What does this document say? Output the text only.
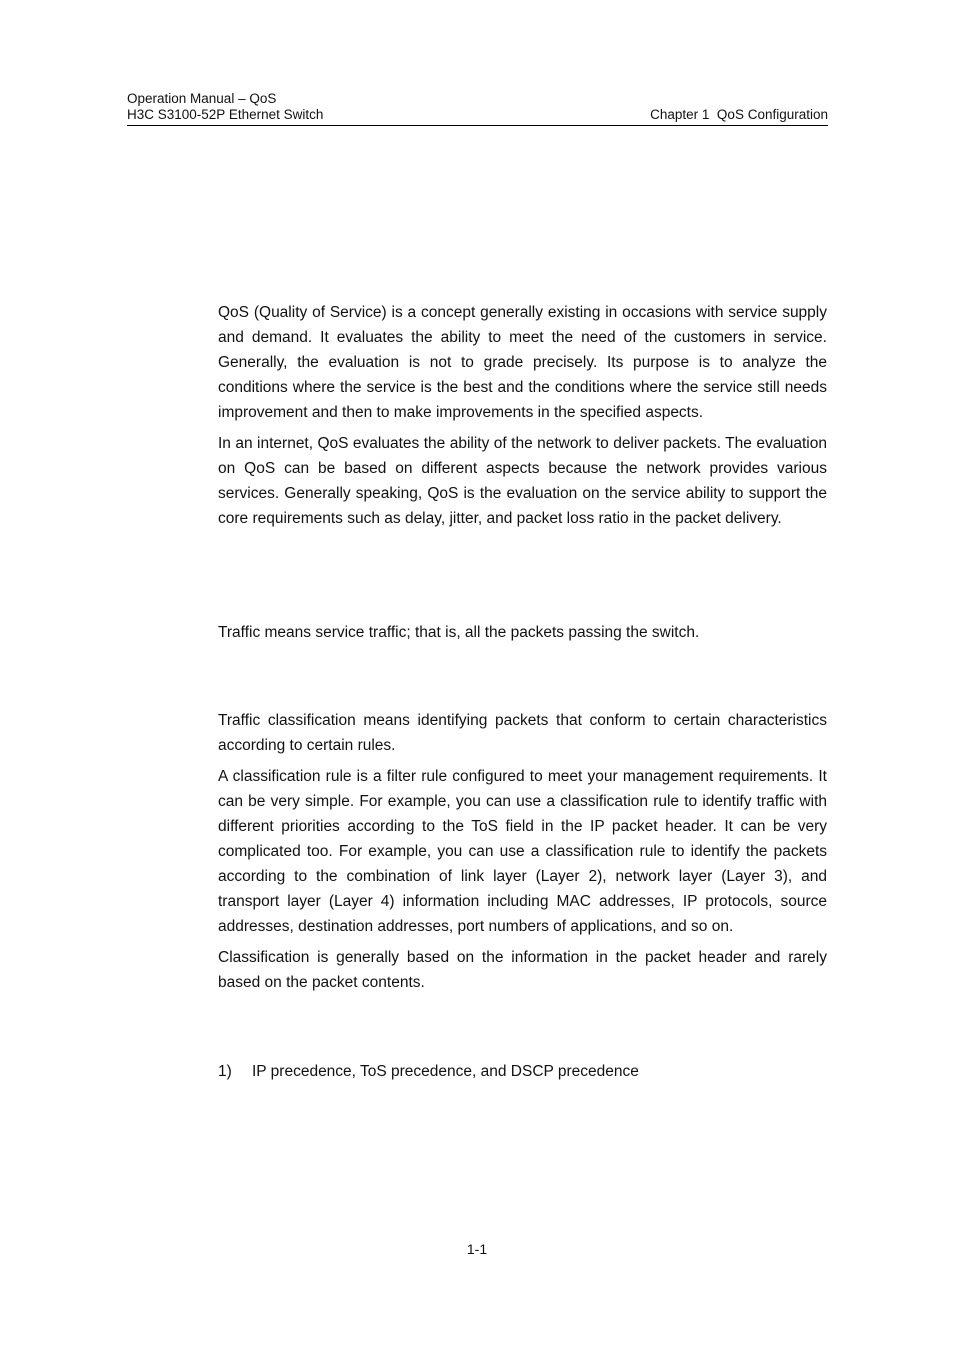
Operation Manual – QoS
H3C S3100-52P Ethernet Switch	Chapter 1  QoS Configuration

QoS (Quality of Service) is a concept generally existing in occasions with service supply and demand. It evaluates the ability to meet the need of the customers in service. Generally, the evaluation is not to grade precisely. Its purpose is to analyze the conditions where the service is the best and the conditions where the service still needs improvement and then to make improvements in the specified aspects.

In an internet, QoS evaluates the ability of the network to deliver packets. The evaluation on QoS can be based on different aspects because the network provides various services. Generally speaking, QoS is the evaluation on the service ability to support the core requirements such as delay, jitter, and packet loss ratio in the packet delivery.

Traffic means service traffic; that is, all the packets passing the switch.

Traffic classification means identifying packets that conform to certain characteristics according to certain rules.

A classification rule is a filter rule configured to meet your management requirements. It can be very simple. For example, you can use a classification rule to identify traffic with different priorities according to the ToS field in the IP packet header. It can be very complicated too. For example, you can use a classification rule to identify the packets according to the combination of link layer (Layer 2), network layer (Layer 3), and transport layer (Layer 4) information including MAC addresses, IP protocols, source addresses, destination addresses, port numbers of applications, and so on.

Classification is generally based on the information in the packet header and rarely based on the packet contents.

1) IP precedence, ToS precedence, and DSCP precedence
1-1
